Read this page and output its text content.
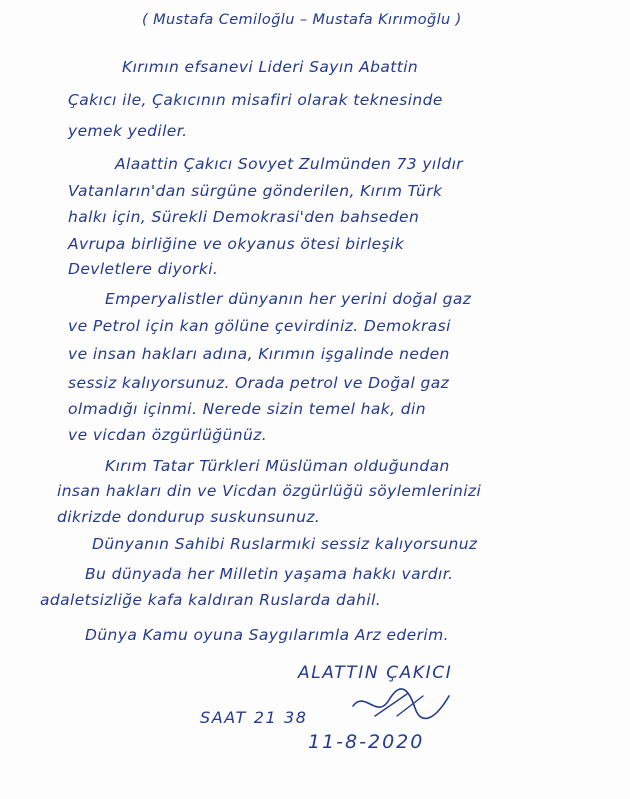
( Mustafa Cemiloğlu – Mustafa Kırımoğlu )
Kırımın efsanevi Lideri Sayın Abattin
Çakıcı ile, Çakıcının misafiri olarak teknesinde
yemek yediler.
Alaattin Çakıcı Sovyet Zulmünden 73 yıldır
Vatanların'dan sürgüne gönderilen, Kırım Türk
halkı için, Sürekli Demokrasi'den bahseden
Avrupa birliğine ve okyanus ötesi birleşik
Devletlere diyorki.
Emperyalistler dünyanın her yerini doğal gaz
ve Petrol için kan gölüne çevirdiniz. Demokrasi
ve insan hakları adına, Kırımın işgalinde neden
sessiz kalıyorsunuz. Orada petrol ve Doğal gaz
olmadığı içinmi. Nerede sizin temel hak, din
ve vicdan özgürlüğünüz.
Kırım Tatar Türkleri Müslüman olduğundan
insan hakları din ve Vicdan özgürlüğü söylemlerinizi
dikrizde dondurup suskunsunuz.
Dünyanın Sahibi Ruslarmıki sessiz kalıyorsunuz
Bu dünyada her Milletin yaşama hakkı vardır.
adaletsizliğe kafa kaldıran Ruslarda dahil.
Dünya Kamu oyuna Saygılarımla Arz ederim.
ALATTIN ÇAKICI
SAAT 21 38
11-8-2020
